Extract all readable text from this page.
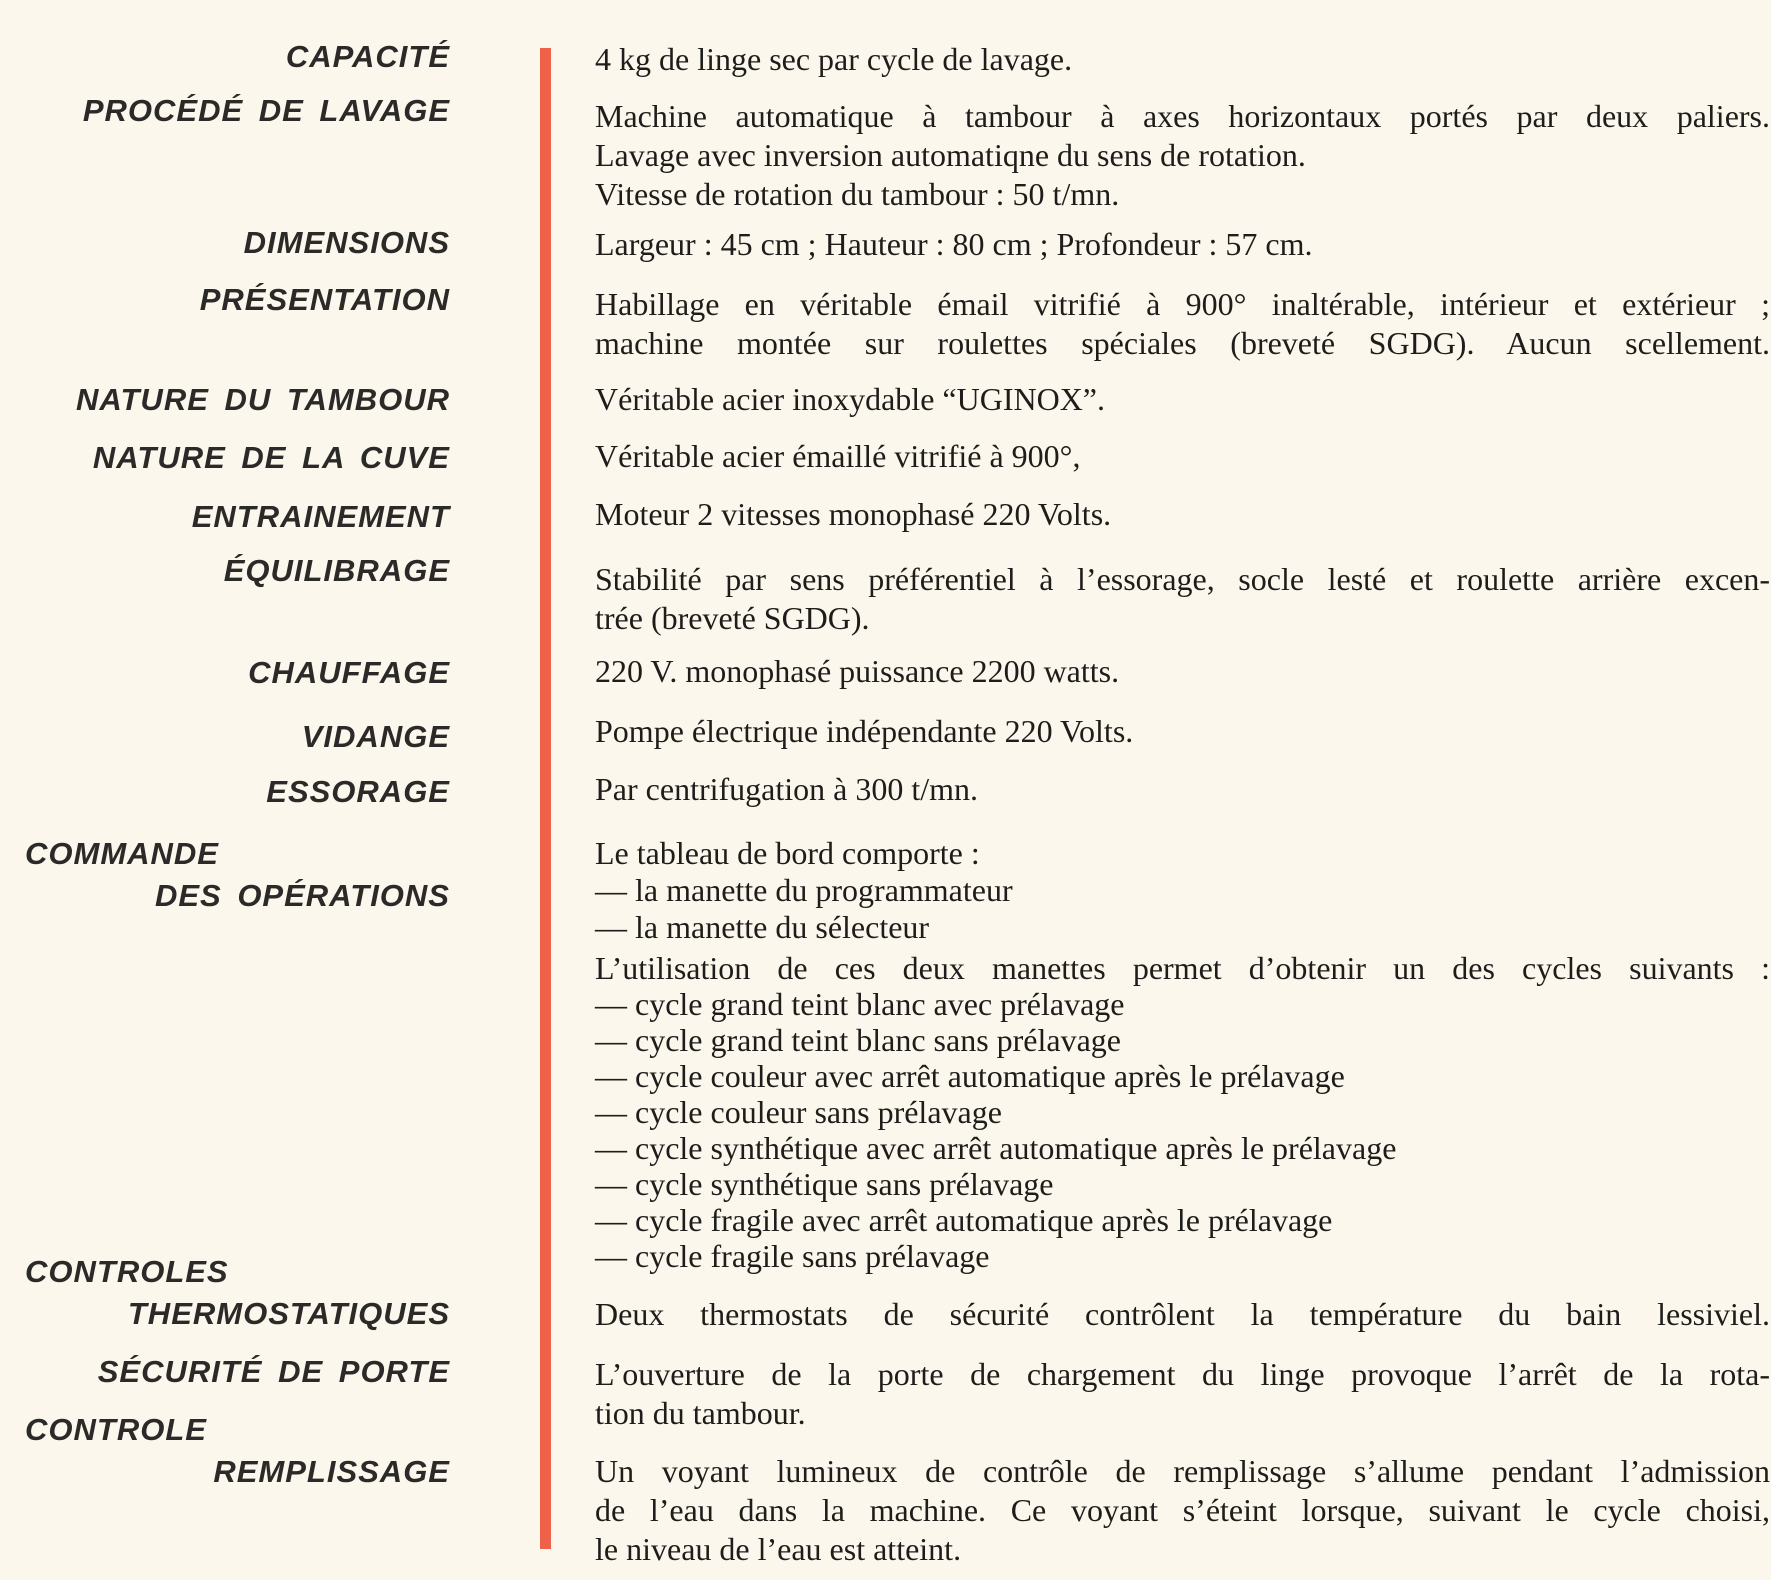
CAPACITÉ
PROCÉDÉ DE LAVAGE
DIMENSIONS
PRÉSENTATION
NATURE DU TAMBOUR
NATURE DE LA CUVE
ENTRAINEMENT
ÉQUILIBRAGE
CHAUFFAGE
VIDANGE
ESSORAGE
COMMANDE
DES OPÉRATIONS
CONTROLES
THERMOSTATIQUES
SÉCURITÉ DE PORTE
CONTROLE
REMPLISSAGE
4 kg de linge sec par cycle de lavage.
Machine automatique à tambour à axes horizontaux portés par deux paliers.
Lavage avec inversion automatiqne du sens de rotation.
Vitesse de rotation du tambour : 50 t/mn.
Largeur : 45 cm ; Hauteur : 80 cm ; Profondeur : 57 cm.
Habillage en véritable émail vitrifié à 900° inaltérable, intérieur et extérieur ;
machine montée sur roulettes spéciales (breveté SGDG). Aucun scellement.
Véritable acier inoxydable “UGINOX”.
Véritable acier émaillé vitrifié à 900°,
Moteur 2 vitesses monophasé 220 Volts.
Stabilité par sens préférentiel à l’essorage, socle lesté et roulette arrière excen-
trée (breveté SGDG).
220 V. monophasé puissance 2200 watts.
Pompe électrique indépendante 220 Volts.
Par centrifugation à 300 t/mn.
Le tableau de bord comporte :
— la manette du programmateur
— la manette du sélecteur
L’utilisation de ces deux manettes permet d’obtenir un des cycles suivants :
— cycle grand teint blanc avec prélavage
— cycle grand teint blanc sans prélavage
— cycle couleur avec arrêt automatique après le prélavage
— cycle couleur sans prélavage
— cycle synthétique avec arrêt automatique après le prélavage
— cycle synthétique sans prélavage
— cycle fragile avec arrêt automatique après le prélavage
— cycle fragile sans prélavage
Deux thermostats de sécurité contrôlent la température du bain lessiviel.
L’ouverture de la porte de chargement du linge provoque l’arrêt de la rota-
tion du tambour.
Un voyant lumineux de contrôle de remplissage s’allume pendant l’admission
de l’eau dans la machine. Ce voyant s’éteint lorsque, suivant le cycle choisi,
le niveau de l’eau est atteint.
